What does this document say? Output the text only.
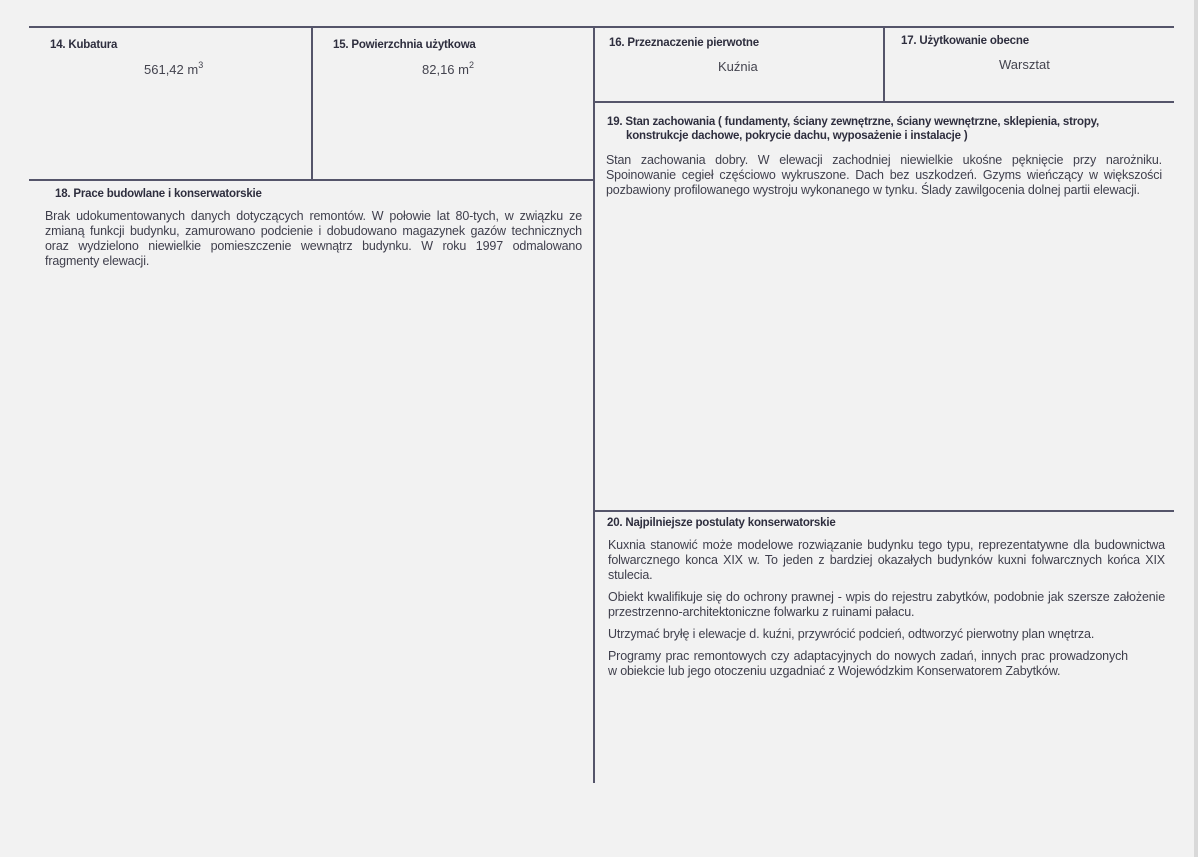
14. Kubatura
561,42 $m^3$
15. Powierzchnia użytkowa
82,16 $m^2$
16. Przeznaczenie pierwotne
Kuźnia
17. Użytkowanie obecne
Warsztat
18. Prace budowlane i konserwatorskie
Brak udokumentowanych danych dotyczących remontów. W połowie lat 80-tych, w związku ze zmianą funkcji budynku, zamurowano podcienie i dobudowano magazynek gazów technicznych oraz wydzielono niewielkie pomieszczenie wewnątrz budynku. W roku 1997 odmalowano fragmenty elewacji.
19. Stan zachowania ( fundamenty, ściany zewnętrzne, ściany wewnętrzne, sklepienia, stropy,
konstrukcje dachowe, pokrycie dachu, wyposażenie i instalacje )
Stan zachowania dobry. W elewacji zachodniej niewielkie ukośne pęknięcie przy narożniku. Spoinowanie cegieł częściowo wykruszone. Dach bez uszkodzeń. Gzyms wieńczący w większości pozbawiony profilowanego wystroju wykonanego w tynku. Ślady zawilgocenia dolnej partii elewacji.
20. Najpilniejsze postulaty konserwatorskie

Kuxnia stanowić może modelowe rozwiązanie budynku tego typu, reprezentatywne dla budownictwa folwarcznego konca XIX w. To jeden z bardziej okazałych budynków kuxni folwarcznych końca XIX stulecia.

Obiekt kwalifikuje się do ochrony prawnej - wpis do rejestru zabytków, podobnie jak szersze założenie przestrzenno-architektoniczne folwarku z ruinami pałacu.

Utrzymać bryłę i elewacje d. kuźni, przywrócić podcień, odtworzyć pierwotny plan wnętrza.

Programy prac remontowych czy adaptacyjnych do nowych zadań, innych prac prowadzonych w obiekcie lub jego otoczeniu uzgadniać z Wojewódzkim Konserwatorem Zabytków.
